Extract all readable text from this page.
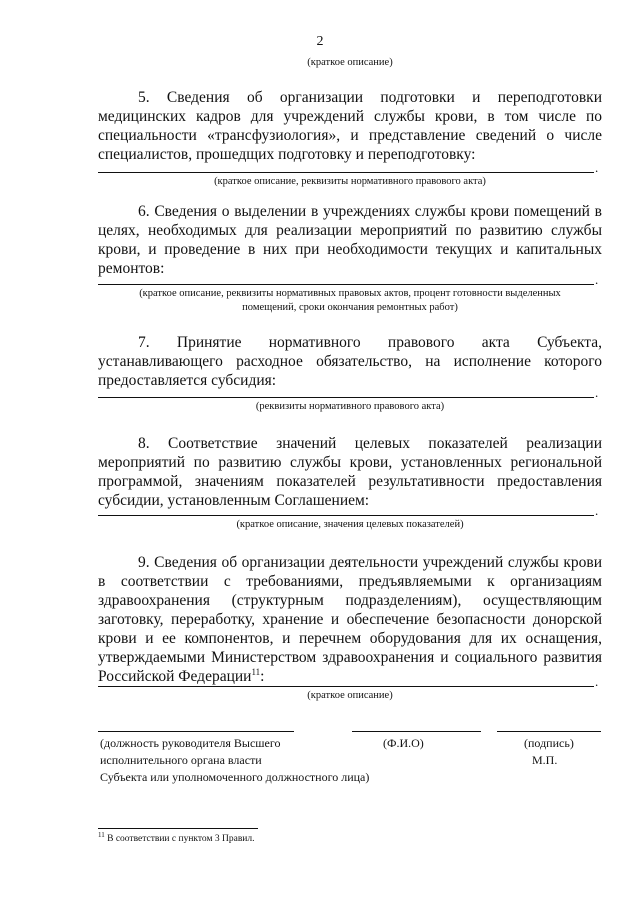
2
(краткое описание)
5. Сведения об организации подготовки и переподготовки медицинских кадров для учреждений службы крови, в том числе по специальности «трансфузиология», и представление сведений о числе специалистов, прошедщих подготовку и переподготовку:
.
(краткое описание, реквизиты нормативного правового акта)
6. Сведения о выделении в учреждениях службы крови помещений в целях, необходимых для реализации мероприятий по развитию службы крови, и проведение в них при необходимости текущих и капитальных ремонтов:
.
(краткое описание, реквизиты нормативных правовых актов, процент готовности выделенных
помещений, сроки окончания ремонтных работ)
7. Принятие нормативного правового акта Субъекта, устанавливающего расходное обязательство, на исполнение которого предоставляется субсидия:
.
(реквизиты нормативного правового акта)
8. Соответствие значений целевых показателей реализации мероприятий по развитию службы крови, установленных региональной программой, значениям показателей результативности предоставления субсидии, установленным Соглашением:
.
(краткое описание, значения целевых показателей)
9. Сведения об организации деятельности учреждений службы крови в соответствии с требованиями, предъявляемыми к организациям здравоохранения (структурным подразделениям), осуществляющим заготовку, переработку, хранение и обеспечение безопасности донорской крови и ее компонентов, и перечнем оборудования для их оснащения, утверждаемыми Министерством здравоохранения и социального развития Российской Федерации$^{11}$:	.
(краткое описание)
(должность руководителя Высшего
исполнительного органа власти
Субъекта или уполномоченного должностного лица)
(Ф.И.О)	(подпись)
М.П.
$^{11}$ В соответствии с пунктом 3 Правил.
